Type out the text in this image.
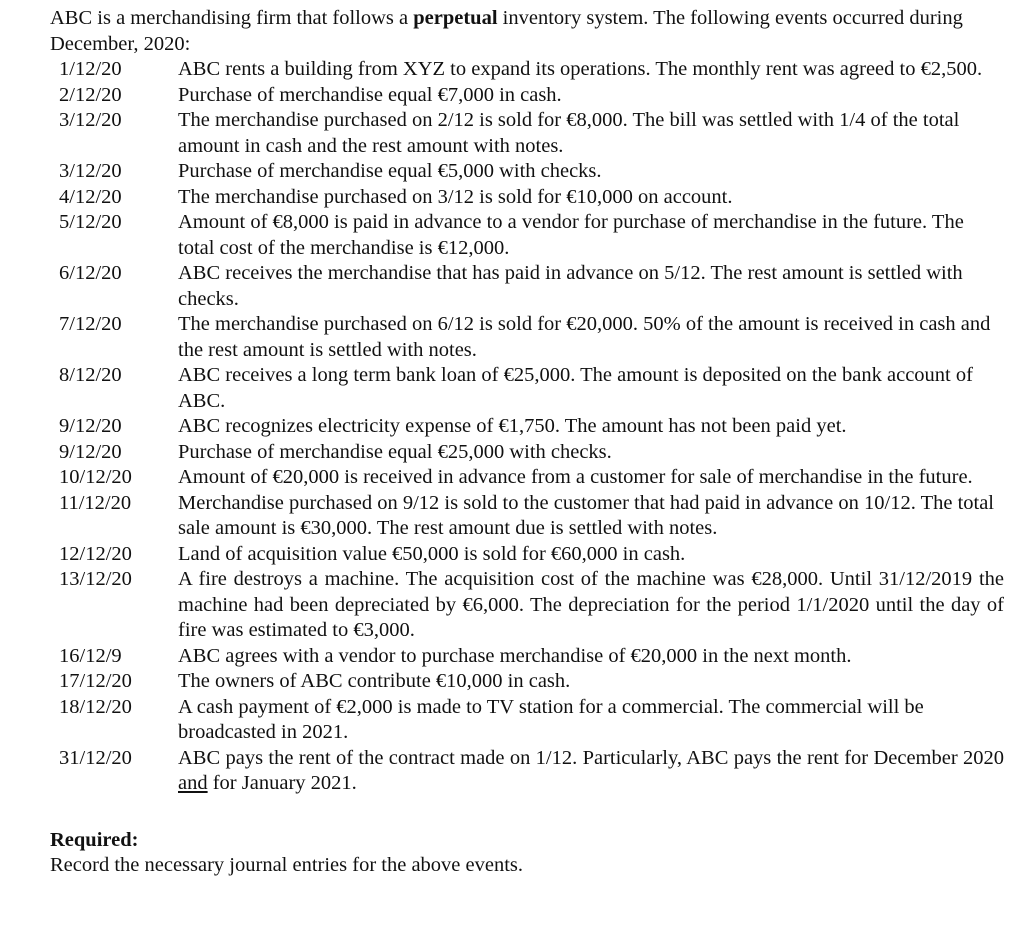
ABC is a merchandising firm that follows a perpetual inventory system. The following events occurred during December, 2020:
1/12/20	ABC rents a building from XYZ to expand its operations. The monthly rent was agreed to €2,500.
2/12/20	Purchase of merchandise equal €7,000 in cash.
3/12/20	The merchandise purchased on 2/12 is sold for €8,000. The bill was settled with 1/4 of the total amount in cash and the rest amount with notes.
3/12/20	Purchase of merchandise equal €5,000 with checks.
4/12/20	The merchandise purchased on 3/12 is sold for €10,000 on account.
5/12/20	Amount of €8,000 is paid in advance to a vendor for purchase of merchandise in the future. The total cost of the merchandise is €12,000.
6/12/20	ABC receives the merchandise that has paid in advance on 5/12. The rest amount is settled with checks.
7/12/20	The merchandise purchased on 6/12 is sold for €20,000. 50% of the amount is received in cash and the rest amount is settled with notes.
8/12/20	ABC receives a long term bank loan of €25,000. The amount is deposited on the bank account of ABC.
9/12/20	ABC recognizes electricity expense of €1,750. The amount has not been paid yet.
9/12/20	Purchase of merchandise equal €25,000 with checks.
10/12/20	Amount of €20,000 is received in advance from a customer for sale of merchandise in the future.
11/12/20	Merchandise purchased on 9/12 is sold to the customer that had paid in advance on 10/12. The total sale amount is €30,000. The rest amount due is settled with notes.
12/12/20	Land of acquisition value €50,000 is sold for €60,000 in cash.
13/12/20	A fire destroys a machine. The acquisition cost of the machine was €28,000. Until 31/12/2019 the machine had been depreciated by €6,000. The depreciation for the period 1/1/2020 until the day of fire was estimated to €3,000.
16/12/9	ABC agrees with a vendor to purchase merchandise of €20,000 in the next month.
17/12/20	The owners of ABC contribute €10,000 in cash.
18/12/20	A cash payment of €2,000 is made to TV station for a commercial. The commercial will be broadcasted in 2021.
31/12/20	ABC pays the rent of the contract made on 1/12. Particularly, ABC pays the rent for December 2020 and for January 2021.
Required:
Record the necessary journal entries for the above events.
